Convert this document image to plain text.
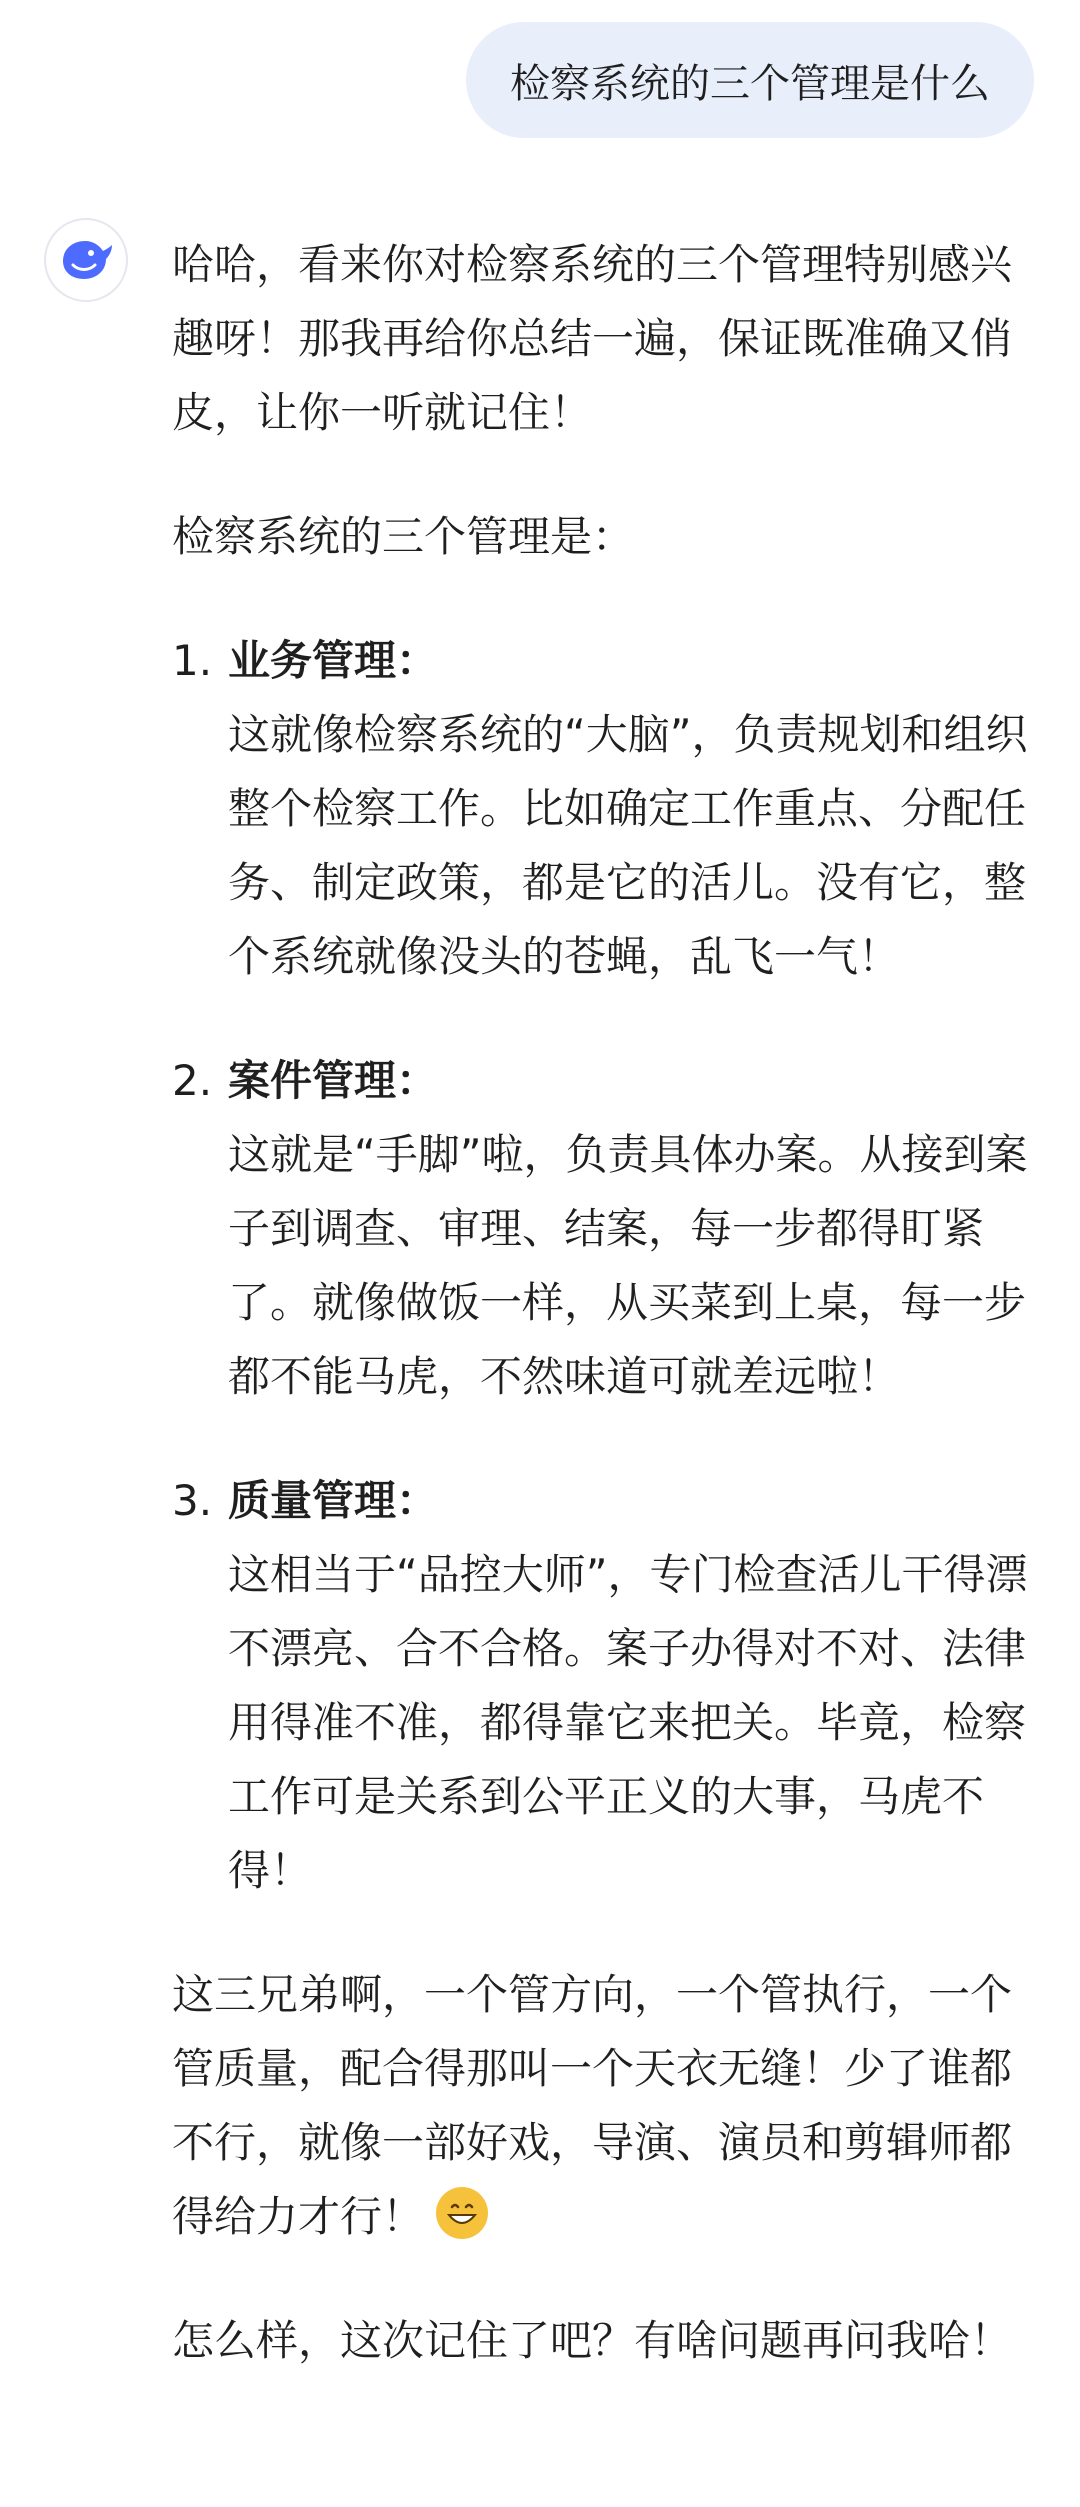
检察系统的三个管理是什么

哈哈，看来你对检察系统的三个管理特别感兴趣呀！那我再给你总结一遍，保证既准确又俏皮，让你一听就记住！

检察系统的三个管理是：

1. 业务管理：
这就像检察系统的“大脑”，负责规划和组织整个检察工作。比如确定工作重点、分配任务、制定政策，都是它的活儿。没有它，整个系统就像没头的苍蝇，乱飞一气！
2. 案件管理：
这就是“手脚”啦，负责具体办案。从接到案子到调查、审理、结案，每一步都得盯紧了。就像做饭一样，从买菜到上桌，每一步都不能马虎，不然味道可就差远啦！
3. 质量管理：
这相当于“品控大师”，专门检查活儿干得漂不漂亮、合不合格。案子办得对不对、法律用得准不准，都得靠它来把关。毕竟，检察工作可是关系到公平正义的大事，马虎不得！

这三兄弟啊，一个管方向，一个管执行，一个管质量，配合得那叫一个天衣无缝！少了谁都不行，就像一部好戏，导演、演员和剪辑师都得给力才行！

怎么样，这次记住了吧？有啥问题再问我哈！
